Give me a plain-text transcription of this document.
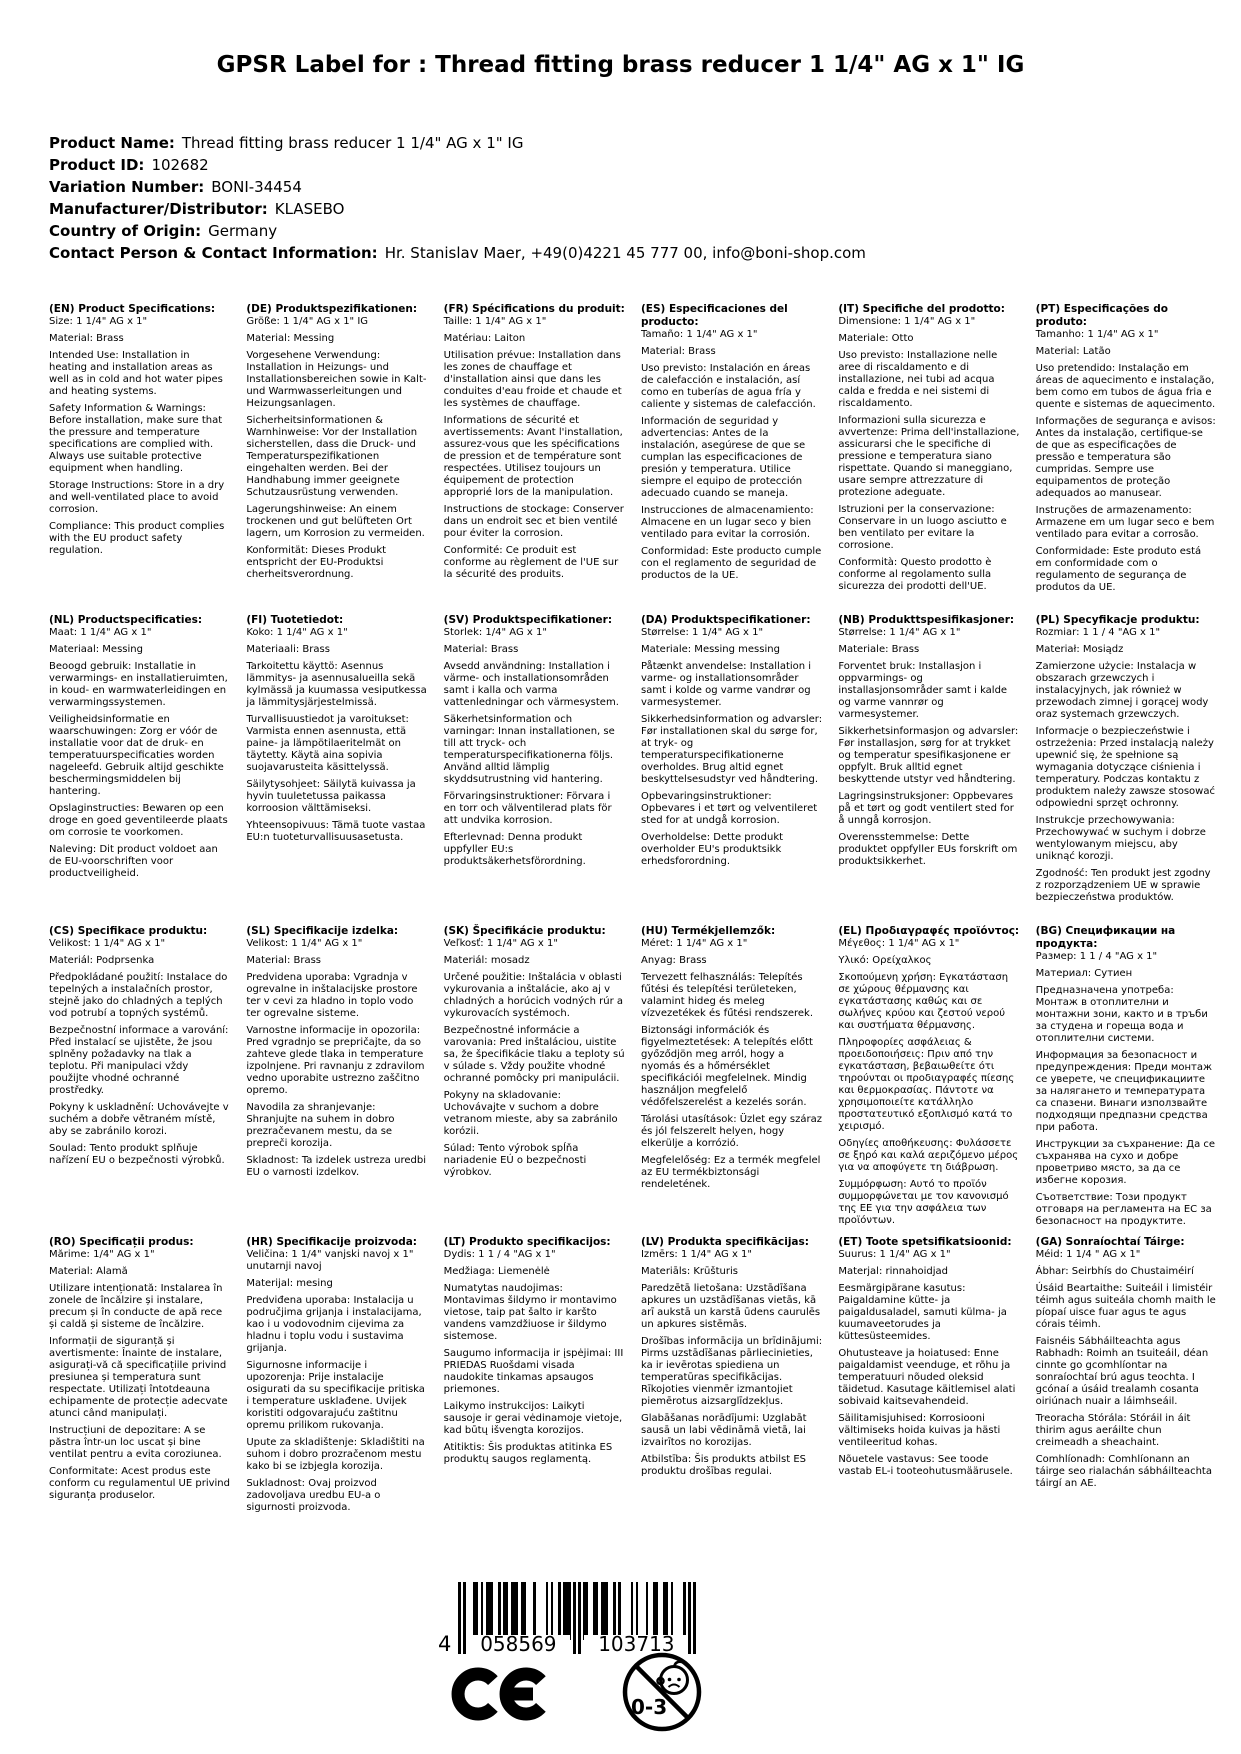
GPSR Label for : Thread fitting brass reducer 1 1/4" AG x 1" IG
Product Name: Thread fitting brass reducer 1 1/4" AG x 1" IG
Product ID: 102682
Variation Number: BONI-34454
Manufacturer/Distributor: KLASEBO
Country of Origin: Germany
Contact Person & Contact Information: Hr. Stanislav Maer, +49(0)4221 45 777 00, info@boni-shop.com
(EN) Product Specifications:
Size: 1 1/4" AG x 1"
Material: Brass
Intended Use: Installation in heating and installation areas as well as in cold and hot water pipes and heating systems.
Safety Information & Warnings: Before installation, make sure that the pressure and temperature specifications are complied with. Always use suitable protective equipment when handling.
Storage Instructions: Store in a dry and well-ventilated place to avoid corrosion.
Compliance: This product complies with the EU product safety regulation.
(DE) Produktspezifikationen:
Größe: 1 1/4" AG x 1" IG
Material: Messing
Vorgesehene Verwendung: Installation in Heizungs- und Installationsbereichen sowie in Kalt- und Warmwasserleitungen und Heizungsanlagen.
Sicherheitsinformationen & Warnhinweise: Vor der Installation sicherstellen, dass die Druck- und Temperaturspezifikationen eingehalten werden. Bei der Handhabung immer geeignete Schutzausrüstung verwenden.
Lagerungshinweise: An einem trockenen und gut belüfteten Ort lagern, um Korrosion zu vermeiden.
Konformität: Dieses Produkt entspricht der EU-Produktsi cherheitsverordnung.
(FR) Spécifications du produit:
Taille: 1 1/4" AG x 1"
Matériau: Laiton
Utilisation prévue: Installation dans les zones de chauffage et d'installation ainsi que dans les conduites d'eau froide et chaude et les systèmes de chauffage.
Informations de sécurité et avertissements: Avant l'installation, assurez-vous que les spécifications de pression et de température sont respectées. Utilisez toujours un équipement de protection approprié lors de la manipulation.
Instructions de stockage: Conserver dans un endroit sec et bien ventilé pour éviter la corrosion.
Conformité: Ce produit est conforme au règlement de l'UE sur la sécurité des produits.
(ES) Especificaciones del producto:
Tamaño: 1 1/4" AG x 1"
Material: Brass
Uso previsto: Instalación en áreas de calefacción e instalación, así como en tuberías de agua fría y caliente y sistemas de calefacción.
Información de seguridad y advertencias: Antes de la instalación, asegúrese de que se cumplan las especificaciones de presión y temperatura. Utilice siempre el equipo de protección adecuado cuando se maneja.
Instrucciones de almacenamiento: Almacene en un lugar seco y bien ventilado para evitar la corrosión.
Conformidad: Este producto cumple con el reglamento de seguridad de productos de la UE.
(IT) Specifiche del prodotto:
Dimensione: 1 1/4" AG x 1"
Materiale: Otto
Uso previsto: Installazione nelle aree di riscaldamento e di installazione, nei tubi ad acqua calda e fredda e nei sistemi di riscaldamento.
Informazioni sulla sicurezza e avvertenze: Prima dell'installazione, assicurarsi che le specifiche di pressione e temperatura siano rispettate. Quando si maneggiano, usare sempre attrezzature di protezione adeguate.
Istruzioni per la conservazione: Conservare in un luogo asciutto e ben ventilato per evitare la corrosione.
Conformità: Questo prodotto è conforme al regolamento sulla sicurezza dei prodotti dell'UE.
(PT) Especificações do produto:
Tamanho: 1 1/4" AG x 1"
Material: Latão
Uso pretendido: Instalação em áreas de aquecimento e instalação, bem como em tubos de água fria e quente e sistemas de aquecimento.
Informações de segurança e avisos: Antes da instalação, certifique-se de que as especificações de pressão e temperatura são cumpridas. Sempre use equipamentos de proteção adequados ao manusear.
Instruções de armazenamento: Armazene em um lugar seco e bem ventilado para evitar a corrosão.
Conformidade: Este produto está em conformidade com o regulamento de segurança de produtos da UE.
(NL) Productspecificaties:
Maat: 1 1/4" AG x 1"
Materiaal: Messing
Beoogd gebruik: Installatie in verwarmings- en installatieruimten, in koud- en warmwaterleidingen en verwarmingssystemen.
Veiligheidsinformatie en waarschuwingen: Zorg er vóór de installatie voor dat de druk- en temperatuurspecificaties worden nageleefd. Gebruik altijd geschikte beschermingsmiddelen bij hantering.
Opslaginstructies: Bewaren op een droge en goed geventileerde plaats om corrosie te voorkomen.
Naleving: Dit product voldoet aan de EU-voorschriften voor productveiligheid.
(FI) Tuotetiedot:
Koko: 1 1/4" AG x 1"
Materiaali: Brass
Tarkoitettu käyttö: Asennus lämmitys- ja asennusalueilla sekä kylmässä ja kuumassa vesiputkessa ja lämmitysjärjestelmissä.
Turvallisuustiedot ja varoitukset: Varmista ennen asennusta, että paine- ja lämpötilaeritelmät on täytetty. Käytä aina sopivia suojavarusteita käsittelyssä.
Säilytysohjeet: Säilytä kuivassa ja hyvin tuuletetussa paikassa korroosion välttämiseksi.
Yhteensopivuus: Tämä tuote vastaa EU:n tuoteturvallisuusasetusta.
(SV) Produktspecifikationer:
Storlek: 1/4" AG x 1"
Material: Brass
Avsedd användning: Installation i värme- och installationsområden samt i kalla och varma vattenledningar och värmesystem.
Säkerhetsinformation och varningar: Innan installationen, se till att tryck- och temperaturspecifikationerna följs. Använd alltid lämplig skyddsutrustning vid hantering.
Förvaringsinstruktioner: Förvara i en torr och välventilerad plats för att undvika korrosion.
Efterlevnad: Denna produkt uppfyller EU:s produktsäkerhetsförordning.
(DA) Produktspecifikationer:
Størrelse: 1 1/4" AG x 1"
Materiale: Messing messing
Påtænkt anvendelse: Installation i varme- og installationsområder samt i kolde og varme vandrør og varmesystemer.
Sikkerhedsinformation og advarsler: Før installationen skal du sørge for, at tryk- og temperaturspecifikationerne overholdes. Brug altid egnet beskyttelsesudstyr ved håndtering.
Opbevaringsinstruktioner: Opbevares i et tørt og velventileret sted for at undgå korrosion.
Overholdelse: Dette produkt overholder EU's produktsikk erhedsforordning.
(NB) Produkttspesifikasjoner:
Størrelse: 1 1/4" AG x 1"
Materiale: Brass
Forventet bruk: Installasjon i oppvarmings- og installasjonsområder samt i kalde og varme vannrør og varmesystemer.
Sikkerhetsinformasjon og advarsler: Før installasjon, sørg for at trykket og temperatur spesifikasjonene er oppfylt. Bruk alltid egnet beskyttende utstyr ved håndtering.
Lagringsinstruksjoner: Oppbevares på et tørt og godt ventilert sted for å unngå korrosjon.
Overensstemmelse: Dette produktet oppfyller EUs forskrift om produktsikkerhet.
(PL) Specyfikacje produktu:
Rozmiar: 1 1 / 4 "AG x 1"
Materiał: Mosiądz
Zamierzone użycie: Instalacja w obszarach grzewczych i instalacyjnych, jak również w przewodach zimnej i gorącej wody oraz systemach grzewczych.
Informacje o bezpieczeństwie i ostrzeżenia: Przed instalacją należy upewnić się, że spełnione są wymagania dotyczące ciśnienia i temperatury. Podczas kontaktu z produktem należy zawsze stosować odpowiedni sprzęt ochronny.
Instrukcje przechowywania: Przechowywać w suchym i dobrze wentylowanym miejscu, aby uniknąć korozji.
Zgodność: Ten produkt jest zgodny z rozporządzeniem UE w sprawie bezpieczeństwa produktów.
(CS) Specifikace produktu:
Velikost: 1 1/4" AG x 1"
Materiál: Podprsenka
Předpokládané použití: Instalace do tepelných a instalačních prostor, stejně jako do chladných a teplých vod potrubí a topných systémů.
Bezpečnostní informace a varování: Před instalací se ujistěte, že jsou splněny požadavky na tlak a teplotu. Při manipulaci vždy použijte vhodné ochranné prostředky.
Pokyny k uskladnění: Uchovávejte v suchém a dobře větraném místě, aby se zabránilo korozi.
Soulad: Tento produkt splňuje nařízení EU o bezpečnosti výrobků.
(SL) Specifikacije izdelka:
Velikost: 1 1/4" AG x 1"
Material: Brass
Predvidena uporaba: Vgradnja v ogrevalne in inštalacijske prostore ter v cevi za hladno in toplo vodo ter ogrevalne sisteme.
Varnostne informacije in opozorila: Pred vgradnjo se prepričajte, da so zahteve glede tlaka in temperature izpolnjene. Pri ravnanju z zdravilom vedno uporabite ustrezno zaščitno opremo.
Navodila za shranjevanje: Shranjujte na suhem in dobro prezračevanem mestu, da se prepreči korozija.
Skladnost: Ta izdelek ustreza uredbi EU o varnosti izdelkov.
(SK) Špecifikácie produktu:
Veľkosť: 1 1/4" AG x 1"
Materiál: mosadz
Určené použitie: Inštalácia v oblasti vykurovania a inštalácie, ako aj v chladných a horúcich vodných rúr a vykurovacích systémoch.
Bezpečnostné informácie a varovania: Pred inštaláciou, uistite sa, že špecifikácie tlaku a teploty sú v súlade s. Vždy použite vhodné ochranné pomôcky pri manipulácii.
Pokyny na skladovanie: Uchovávajte v suchom a dobre vetranom mieste, aby sa zabránilo korózii.
Súlad: Tento výrobok spĺňa nariadenie EÚ o bezpečnosti výrobkov.
(HU) Termékjellemzők:
Méret: 1 1/4" AG x 1"
Anyag: Brass
Tervezett felhasználás: Telepítés fűtési és telepítési területeken, valamint hideg és meleg vízvezetékek és fűtési rendszerek.
Biztonsági információk és figyelmeztetések: A telepítés előtt győződjön meg arról, hogy a nyomás és a hőmérséklet specifikációi megfelelnek. Mindig használjon megfelelő védőfelszerelést a kezelés során.
Tárolási utasítások: Üzlet egy száraz és jól felszerelt helyen, hogy elkerülje a korrózió.
Megfelelőség: Ez a termék megfelel az EU termékbiztonsági rendeletének.
(EL) Προδιαγραφές προϊόντος:
Μέγεθος: 1 1/4" AG x 1"
Υλικό: Ορείχαλκος
Σκοπούμενη χρήση: Εγκατάσταση σε χώρους θέρμανσης και εγκατάστασης καθώς και σε σωλήνες κρύου και ζεστού νερού και συστήματα θέρμανσης.
Πληροφορίες ασφάλειας & προειδοποιήσεις: Πριν από την εγκατάσταση, βεβαιωθείτε ότι τηρούνται οι προδιαγραφές πίεσης και θερμοκρασίας. Πάντοτε να χρησιμοποιείτε κατάλληλο προστατευτικό εξοπλισμό κατά το χειρισμό.
Οδηγίες αποθήκευσης: Φυλάσσετε σε ξηρό και καλά αεριζόμενο μέρος για να αποφύγετε τη διάβρωση.
Συμμόρφωση: Αυτό το προϊόν συμμορφώνεται με τον κανονισμό της ΕΕ για την ασφάλεια των προϊόντων.
(BG) Спецификации на продукта:
Размер: 1 1 / 4 "AG x 1"
Материал: Сутиен
Предназначена употреба: Монтаж в отоплителни и монтажни зони, както и в тръби за студена и гореща вода и отоплителни системи.
Информация за безопасност и предупреждения: Преди монтаж се уверете, че спецификациите за налягането и температурата са спазени. Винаги използвайте подходящи предпазни средства при работа.
Инструкции за съхранение: Да се съхранява на сухо и добре проветриво място, за да се избегне корозия.
Съответствие: Този продукт отговаря на регламента на ЕС за безопасност на продуктите.
(RO) Specificații produs:
Mărime: 1/4" AG x 1"
Material: Alamă
Utilizare intenționată: Instalarea în zonele de încălzire și instalare, precum și în conducte de apă rece și caldă și sisteme de încălzire.
Informații de siguranță și avertismente: Înainte de instalare, asigurați-vă că specificațiile privind presiunea și temperatura sunt respectate. Utilizați întotdeauna echipamente de protecție adecvate atunci când manipulați.
Instrucțiuni de depozitare: A se păstra într-un loc uscat și bine ventilat pentru a evita coroziunea.
Conformitate: Acest produs este conform cu regulamentul UE privind siguranța produselor.
(HR) Specifikacije proizvoda:
Veličina: 1 1/4" vanjski navoj x 1" unutarnji navoj
Materijal: mesing
Predviđena uporaba: Instalacija u područjima grijanja i instalacijama, kao i u vodovodnim cijevima za hladnu i toplu vodu i sustavima grijanja.
Sigurnosne informacije i upozorenja: Prije instalacije osigurati da su specifikacije pritiska i temperature usklađene. Uvijek koristiti odgovarajuću zaštitnu opremu prilikom rukovanja.
Upute za skladištenje: Skladištiti na suhom i dobro prozračenom mestu kako bi se izbjegla korozija.
Sukladnost: Ovaj proizvod zadovoljava uredbu EU-a o sigurnosti proizvoda.
(LT) Produkto specifikacijos:
Dydis: 1 1 / 4 "AG x 1"
Medžiaga: Liemenėlė
Numatytas naudojimas: Montavimas šildymo ir montavimo vietose, taip pat šalto ir karšto vandens vamzdžiuose ir šildymo sistemose.
Saugumo informacija ir įspėjimai: III PRIEDAS Ruošdami visada naudokite tinkamas apsaugos priemones.
Laikymo instrukcijos: Laikyti sausoje ir gerai vėdinamoje vietoje, kad būtų išvengta korozijos.
Atitiktis: Šis produktas atitinka ES produktų saugos reglamentą.
(LV) Produkta specifikācijas:
Izmērs: 1 1/4" AG x 1"
Materiāls: Krūšturis
Paredzētā lietošana: Uzstādīšana apkures un uzstādīšanas vietās, kā arī aukstā un karstā ūdens caurulēs un apkures sistēmās.
Drošības informācija un brīdinājumi: Pirms uzstādīšanas pārliecinieties, ka ir ievērotas spiediena un temperatūras specifikācijas. Rīkojoties vienmēr izmantojiet piemērotus aizsarglīdzekļus.
Glabāšanas norādījumi: Uzglabāt sausā un labi vēdināmā vietā, lai izvairītos no korozijas.
Atbilstība: Šis produkts atbilst ES produktu drošības regulai.
(ET) Toote spetsifikatsioonid:
Suurus: 1 1/4" AG x 1"
Materjal: rinnahoidjad
Eesmärgipärane kasutus: Paigaldamine kütte- ja paigaldusaladel, samuti külma- ja kuumaveetorudes ja küttesüsteemides.
Ohutusteave ja hoiatused: Enne paigaldamist veenduge, et rõhu ja temperatuuri nõuded oleksid täidetud. Kasutage käitlemisel alati sobivaid kaitsevahendeid.
Säilitamisjuhised: Korrosiooni vältimiseks hoida kuivas ja hästi ventileeritud kohas.
Nõuetele vastavus: See toode vastab EL-i tooteohutusmäärusele.
(GA) Sonraíochtaí Táirge:
Méid: 1 1/4 " AG x 1"
Ábhar: Seirbhís do Chustaiméirí
Úsáid Beartaithe: Suiteáil i limistéir téimh agus suiteála chomh maith le píopaí uisce fuar agus te agus córais téimh.
Faisnéis Sábháilteachta agus Rabhadh: Roimh an tsuiteáil, déan cinnte go gcomhlíontar na sonraíochtaí brú agus teochta. I gcónaí a úsáid trealamh cosanta oiriúnach nuair a láimhseáil.
Treoracha Stórála: Stóráil in áit thirim agus aeráilte chun creimeadh a sheachaint.
Comhlíonadh: Comhlíonann an táirge seo rialachán sábháilteachta táirgí an AE.
4	058569	103713
0-3
